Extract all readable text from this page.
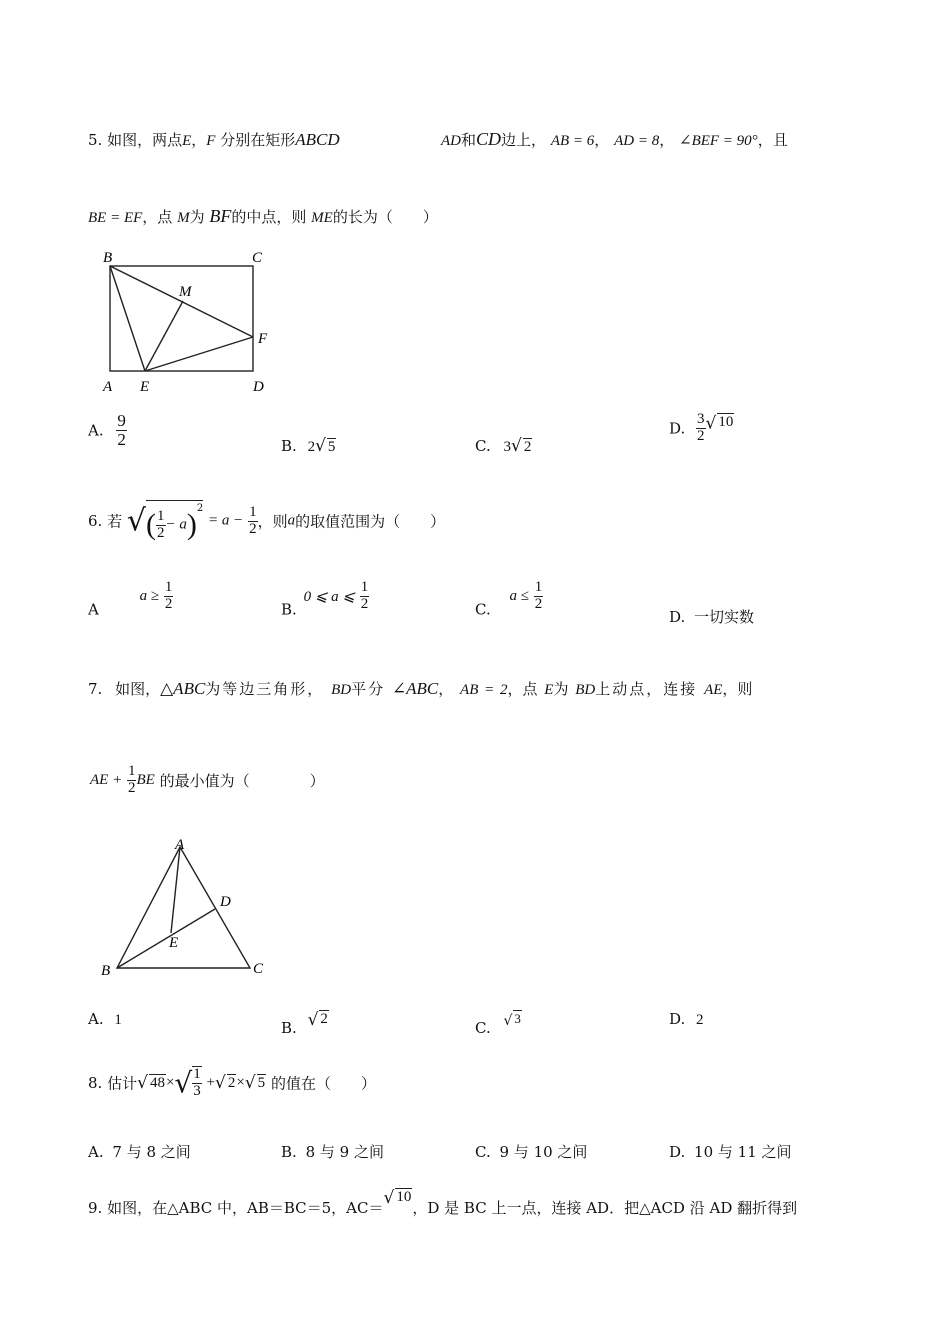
5. 如图，两点E，F 分别在矩形ABCD	AD和CD边上， AB = 6， AD = 8， ∠BEF = 90°，且
BE = EF，点 M为 BF的中点，则 ME的长为（　　）
B	C
M
F
A E	D
A. $\frac{9}{2}$	B. 2√ 5	C. 3√ 2
D. $\frac{3}{2}$ √ 10
6. 若 √( $\frac{1}{2} - a)^2 = a - \frac{1}{2}$ ，则a的取值范围为（　　）
A $a \ge \frac{1}{2}$	B. 0 ⩽ a ⩽ $\frac{1}{2}$	C. $a \le \frac{1}{2}$
D. 一切实数
7. 如图，△ABC为等边三角形， BD平分 ∠ABC， AB = 2，点 E为 BD上动点，连接 AE，则
AE + $\frac{1}{2}$ BE 的最小值为（　　　　）
A
D
E
B	C
A. 1	B. √ 2	C. √ 3	D. 2
8. 估计√ $48\times√ \frac{1}{3}$ +√ 2×√ 5 的值在（　　）
A. 7 与 8 之间	B. 8 与 9 之间	C. 9 与 10 之间	D. 10 与 11 之间
9. 如图，在△ABC 中，AB＝BC＝5，AC＝√ 10，D 是 BC 上一点，连接 AD．把△ACD 沿 AD 翻折得到
